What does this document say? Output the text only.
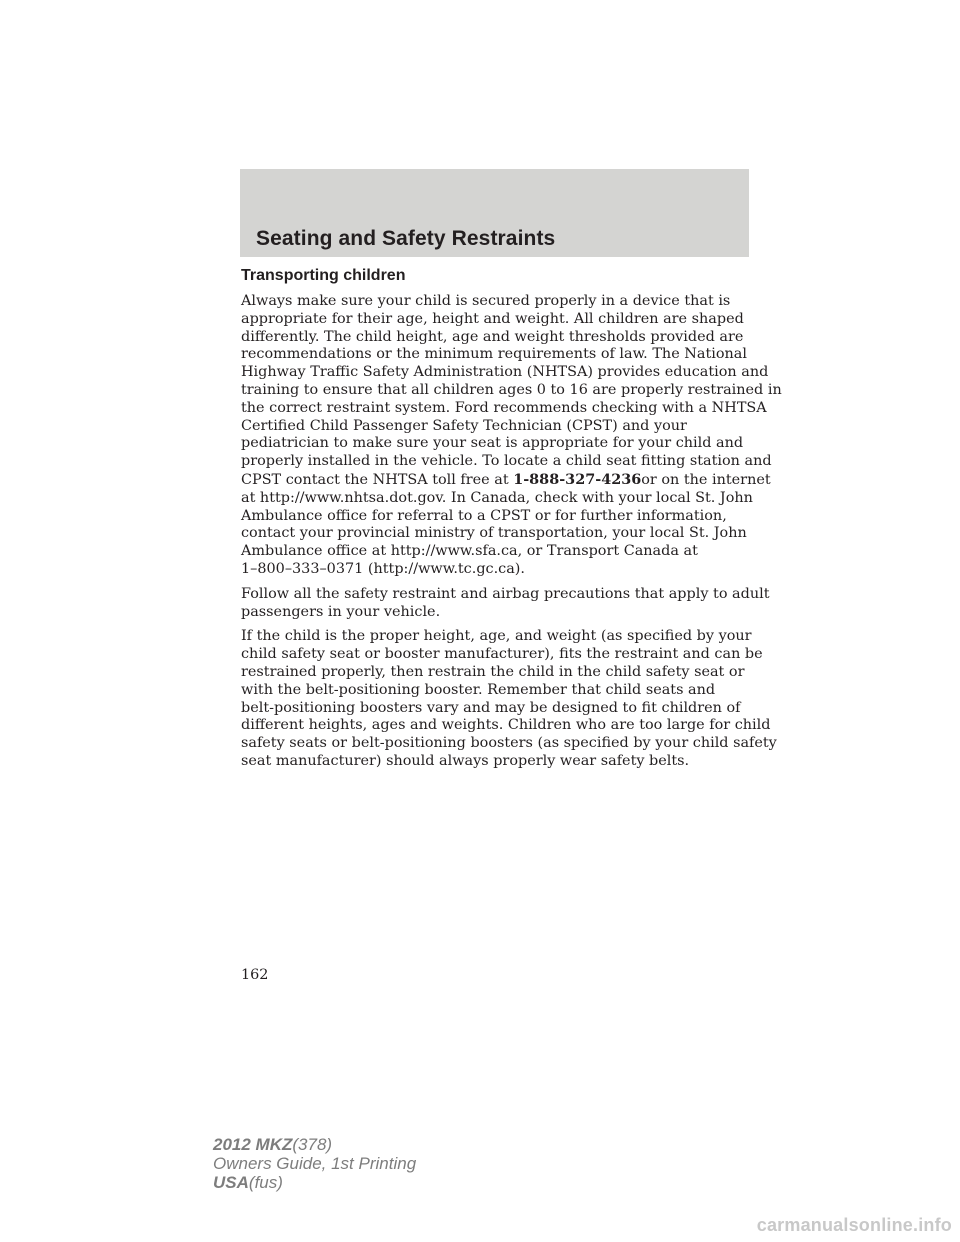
Seating and Safety Restraints
Transporting children

Always make sure your child is secured properly in a device that is
appropriate for their age, height and weight. All children are shaped
differently. The child height, age and weight thresholds provided are
recommendations or the minimum requirements of law. The National
Highway Traffic Safety Administration (NHTSA) provides education and
training to ensure that all children ages 0 to 16 are properly restrained in
the correct restraint system. Ford recommends checking with a NHTSA
Certified Child Passenger Safety Technician (CPST) and your
pediatrician to make sure your seat is appropriate for your child and
properly installed in the vehicle. To locate a child seat fitting station and
CPST contact the NHTSA toll free at 1-888-327-4236or on the internet
at http://www.nhtsa.dot.gov. In Canada, check with your local St. John
Ambulance office for referral to a CPST or for further information,
contact your provincial ministry of transportation, your local St. John
Ambulance office at http://www.sfa.ca, or Transport Canada at
1–800–333–0371 (http://www.tc.gc.ca).

Follow all the safety restraint and airbag precautions that apply to adult
passengers in your vehicle.

If the child is the proper height, age, and weight (as specified by your
child safety seat or booster manufacturer), fits the restraint and can be
restrained properly, then restrain the child in the child safety seat or
with the belt-positioning booster. Remember that child seats and
belt-positioning boosters vary and may be designed to fit children of
different heights, ages and weights. Children who are too large for child
safety seats or belt-positioning boosters (as specified by your child safety
seat manufacturer) should always properly wear safety belts.

162

2012 MKZ(378)
Owners Guide, 1st Printing
USA(fus)
carmanualsonline.info
